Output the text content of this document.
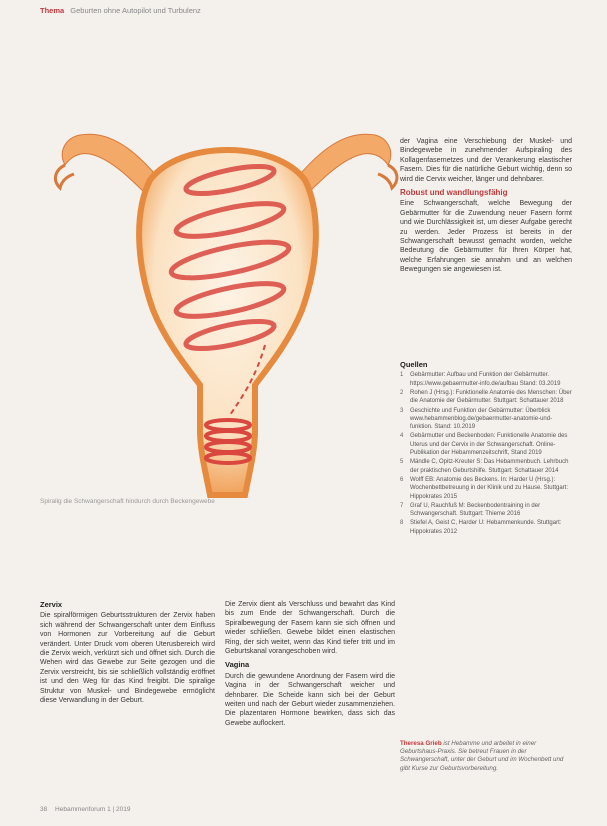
Thema Geburten ohne Autopilot und Turbulenz
Spiralig die Schwangerschaft hindurch durch Beckengewebe

der Vagina eine Verschiebung der Muskel- und Bindegewebe in zunehmender Aufspiraling des Kollagenfasernetzes und der Verankerung elastischer Fasern. Dies für die natürliche Geburt wichtig, denn so wird die Cervix weicher, länger und dehnbarer.

Robust und wandlungsfähig

Eine Schwangerschaft, welche Bewegung der Gebärmutter für die Zuwendung neuer Fasern formt und wie Durchlässigkeit ist, um dieser Aufgabe gerecht zu werden. Jeder Prozess ist bereits in der Schwangerschaft bewusst gemacht worden, welche Bedeutung die Gebärmutter für Ihren Körper hat, welche Erfahrungen sie annahm und an welchen Bewegungen sie angewiesen ist.

Quellen
1 Gebärmutter: Aufbau und Funktion der Gebärmutter. https://www.gebaermutter-info.de/aufbau Stand: 03.2019
2 Rohen J (Hrsg.): Funktionelle Anatomie des Menschen: Über die Anatomie der Gebärmutter. Stuttgart: Schattauer 2018
3 Geschichte und Funktion der Gebärmutter: Überblick www.hebammenblog.de/gebaermutter-anatomie-und-funktion. Stand: 10.2019
4 Gebärmutter und Beckenboden: Funktionelle Anatomie des Uterus und der Cervix in der Schwangerschaft. Online-Publikation der Hebammenzeitschrift, Stand 2019
5 Mändle C, Opitz-Kreuter S: Das Hebammenbuch. Lehrbuch der praktischen Geburtshilfe. Stuttgart: Schattauer 2014
6 Wolff EB: Anatomie des Beckens. In: Harder U (Hrsg.): Wochenbettbetreuung in der Klinik und zu Hause. Stuttgart: Hippokrates 2015
7 Graf U, Rauchfuß M: Beckenbodentraining in der Schwangerschaft. Stuttgart: Thieme 2016
8 Stiefel A, Geist C, Harder U: Hebammenkunde. Stuttgart: Hippokrates 2012
Zervix

Die spiralförmigen Geburtsstrukturen der Zervix haben sich während der Schwangerschaft unter dem Einfluss von Hormonen zur Vorbereitung auf die Geburt verändert. Unter Druck vom oberen Uterusbereich wird die Zervix weich, verkürzt sich und öffnet sich. Durch die Wehen wird das Gewebe zur Seite gezogen und die Zervix verstreicht, bis sie schließlich vollständig eröffnet ist und den Weg für das Kind freigibt. Die spiralige Struktur von Muskel- und Bindegewebe ermöglicht diese Verwandlung in der Geburt.

Die Zervix dient als Verschluss und bewahrt das Kind bis zum Ende der Schwangerschaft. Durch die Spiralbewegung der Fasern kann sie sich öffnen und wieder schließen. Gewebe bildet einen elastischen Ring, der sich weitet, wenn das Kind tiefer tritt und im Geburtskanal vorangeschoben wird.

Vagina

Durch die gewundene Anordnung der Fasern wird die Vagina in der Schwangerschaft weicher und dehnbarer. Die Scheide kann sich bei der Geburt weiten und nach der Geburt wieder zusammenziehen. Die plazentaren Hormone bewirken, dass sich das Gewebe auflockert.

Theresa Grieb ist Hebamme und arbeitet in einer Geburtshaus-Praxis. Sie betreut Frauen in der Schwangerschaft, unter der Geburt und im Wochenbett und gibt Kurse zur Geburtsvorbereitung.
38 Hebammenforum 1 | 2019
